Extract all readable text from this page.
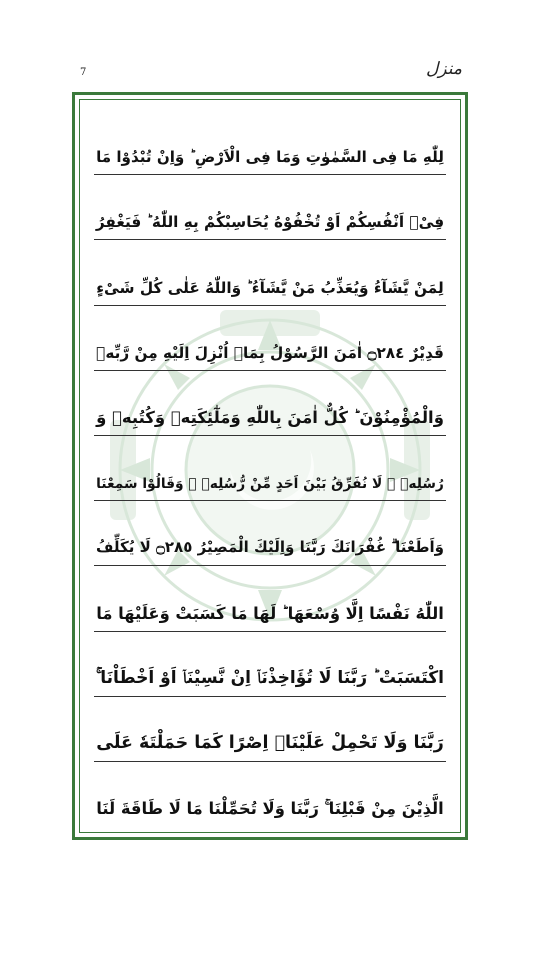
7	منزل
لِلّٰهِ مَا فِی السَّمٰوٰتِ وَمَا فِی الْاَرْضِ ؕ وَاِنْ تُبْدُوْا مَا
فِیْۤ اَنْفُسِكُمْ اَوْ تُخْفُوْهُ یُحَاسِبْكُمْ بِهِ اللّٰهُ ؕ فَیَغْفِرُ
لِمَنْ یَّشَآءُ وَیُعَذِّبُ مَنْ یَّشَآءُ ؕ وَاللّٰهُ عَلٰی كُلِّ شَیْءٍ
قَدِیْرٌ ۝٢٨٤ اٰمَنَ الرَّسُوْلُ بِمَاۤ اُنْزِلَ اِلَیْهِ مِنْ رَّبِّهٖ
وَالْمُؤْمِنُوْنَ ؕ كُلٌّ اٰمَنَ بِاللّٰهِ وَمَلٰٓئِكَتِهٖ وَكُتُبِهٖ وَ
رُسُلِهٖ ۟ لَا نُفَرِّقُ بَیْنَ اَحَدٍ مِّنْ رُّسُلِهٖ ۟ وَقَالُوْا سَمِعْنَا
وَاَطَعْنَا ۗ غُفْرَانَكَ رَبَّنَا وَاِلَیْكَ الْمَصِیْرُ ۝٢٨٥ لَا یُكَلِّفُ
اللّٰهُ نَفْسًا اِلَّا وُسْعَهَا ؕ لَهَا مَا كَسَبَتْ وَعَلَیْهَا مَا
اكْتَسَبَتْ ؕ رَبَّنَا لَا تُؤَاخِذْنَاۤ اِنْ نَّسِیْنَاۤ اَوْ اَخْطَاْنَا ۚ
رَبَّنَا وَلَا تَحْمِلْ عَلَیْنَاۤ اِصْرًا كَمَا حَمَلْتَهٗ عَلَی
الَّذِیْنَ مِنْ قَبْلِنَا ۚ رَبَّنَا وَلَا تُحَمِّلْنَا مَا لَا طَاقَةَ لَنَا
